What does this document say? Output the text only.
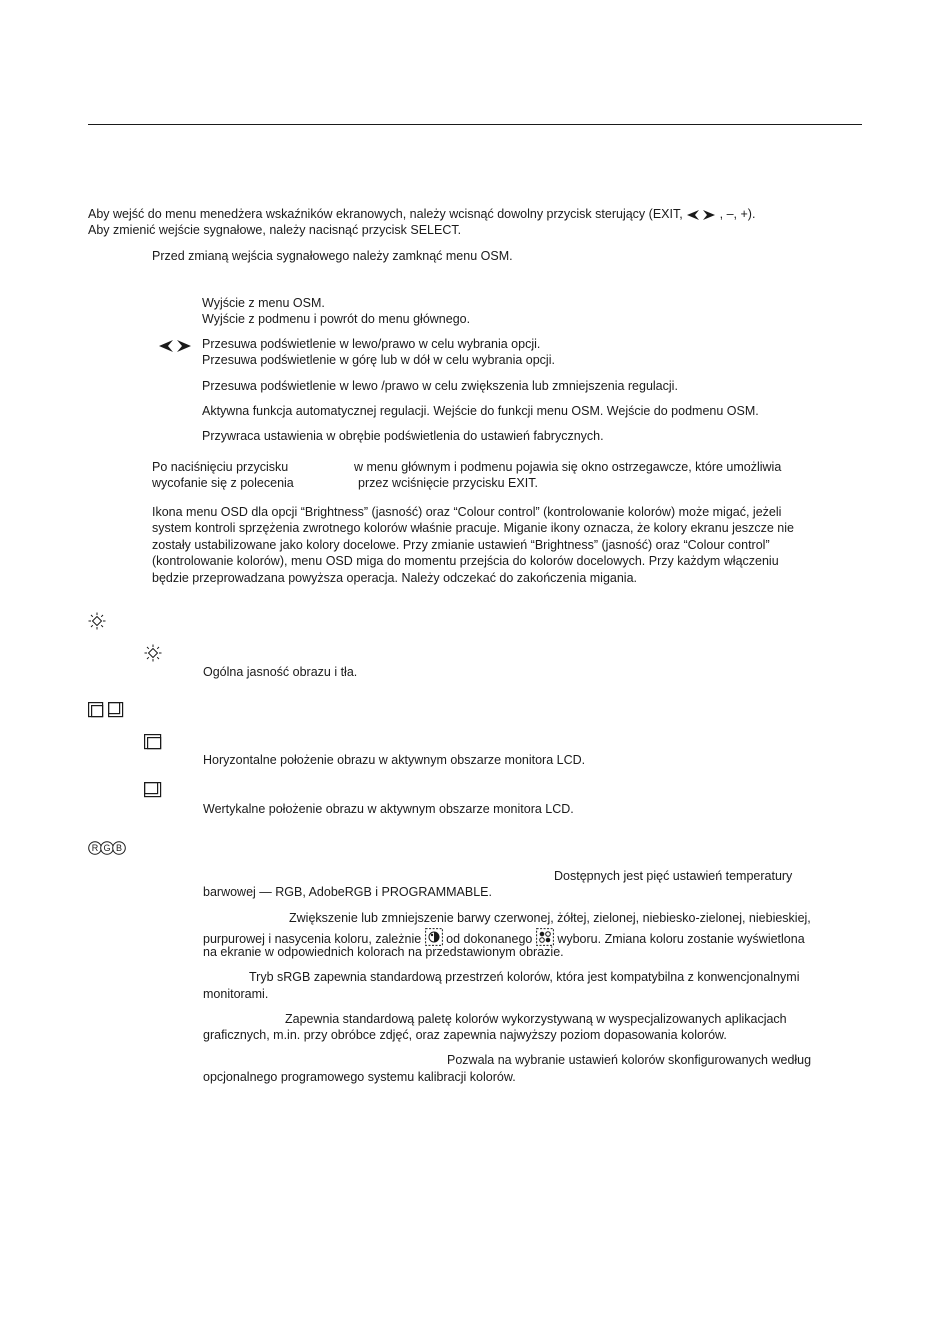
Aby wejść do menu menedżera wskaźników ekranowych, należy wcisnąć dowolny przycisk sterujący (EXIT,	, –, +).
Aby zmienić wejście sygnałowe, należy nacisnąć przycisk SELECT.
Przed zmianą wejścia sygnałowego należy zamknąć menu OSM.
Wyjście z menu OSM.
Wyjście z podmenu i powrót do menu głównego.
Przesuwa podświetlenie w lewo/prawo w celu wybrania opcji.
Przesuwa podświetlenie w górę lub w dół w celu wybrania opcji.
Przesuwa podświetlenie w lewo /prawo w celu zwiększenia lub zmniejszenia regulacji.
Aktywna funkcja automatycznej regulacji. Wejście do funkcji menu OSM. Wejście do podmenu OSM.
Przywraca ustawienia w obrębie podświetlenia do ustawień fabrycznych.
Po naciśnięciu przycisku	w menu głównym i podmenu pojawia się okno ostrzegawcze, które umożliwia
wycofanie się z polecenia	przez wciśnięcie przycisku EXIT.
Ikona menu OSD dla opcji “Brightness” (jasność) oraz “Colour control” (kontrolowanie kolorów) może migać, jeżeli
system kontroli sprzężenia zwrotnego kolorów właśnie pracuje. Miganie ikony oznacza, że kolory ekranu jeszcze nie
zostały ustabilizowane jako kolory docelowe. Przy zmianie ustawień “Brightness” (jasność) oraz “Colour control”
(kontrolowanie kolorów), menu OSD miga do momentu przejścia do kolorów docelowych. Przy każdym włączeniu
będzie przeprowadzana powyższa operacja. Należy odczekać do zakończenia migania.
Ogólna jasność obrazu i tła.
Horyzontalne położenie obrazu w aktywnym obszarze monitora LCD.
Wertykalne położenie obrazu w aktywnym obszarze monitora LCD.
R G B
Dostępnych jest pięć ustawień temperatury
barwowej — RGB, AdobeRGB i PROGRAMMABLE.
Zwiększenie lub zmniejszenie barwy czerwonej, żółtej, zielonej, niebiesko-zielonej, niebieskiej,
purpurowej i nasycenia koloru, zależnie od dokonanego wyboru. Zmiana koloru zostanie wyświetlona
na ekranie w odpowiednich kolorach na przedstawionym obrazie.
Tryb sRGB zapewnia standardową przestrzeń kolorów, która jest kompatybilna z konwencjonalnymi
monitorami.
Zapewnia standardową paletę kolorów wykorzystywaną w wyspecjalizowanych aplikacjach
graficznych, m.in. przy obróbce zdjęć, oraz zapewnia najwyższy poziom dopasowania kolorów.
Pozwala na wybranie ustawień kolorów skonfigurowanych według
opcjonalnego programowego systemu kalibracji kolorów.
